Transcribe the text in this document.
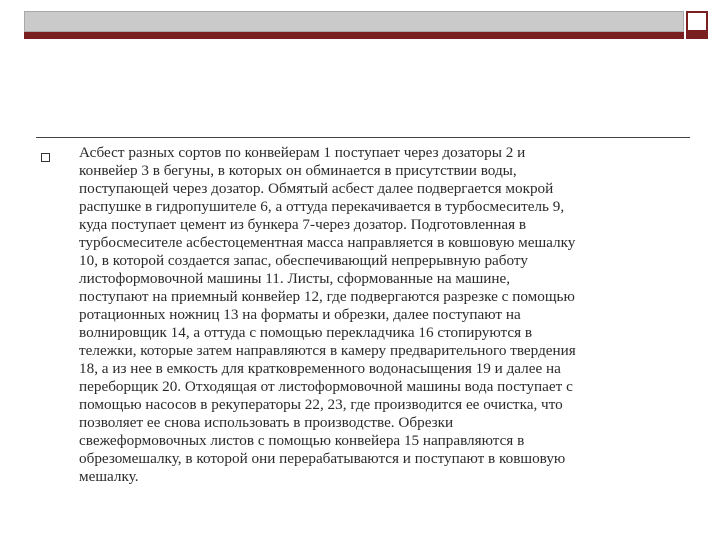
Асбест разных сортов по конвейерам 1 поступает через дозаторы 2 и
конвейер 3 в бегуны, в которых он обминается в присутствии воды,
поступающей через дозатор. Обмятый асбест далее подвергается мокрой
распушке в гидропушителе 6, а оттуда перекачивается в турбосмеситель 9,
куда поступает цемент из бункера 7-через дозатор. Подготовленная в
турбосмесителе асбестоцементная масса направляется в ковшовую мешалку
10, в которой создается запас, обеспечивающий непрерывную работу
листоформовочной машины 11. Листы, сформованные на машине,
поступают на приемный конвейер 12, где подвергаются разрезке с помощью
ротационных ножниц 13 на форматы и обрезки, далее поступают на
волнировщик 14, а оттуда с помощью перекладчика 16 стопируются в
тележки, которые затем направляются в камеру предварительного твердения
18, а из нее в емкость для кратковременного водонасыщения 19 и далее на
переборщик 20. Отходящая от листоформовочной машины вода поступает с
помощью насосов в рекуператоры 22, 23, где производится ее очистка, что
позволяет ее снова использовать в производстве. Обрезки
свежеформовочных листов с помощью конвейера 15 направляются в
обрезомешалку, в которой они перерабатываются и поступают в ковшовую
мешалку.
